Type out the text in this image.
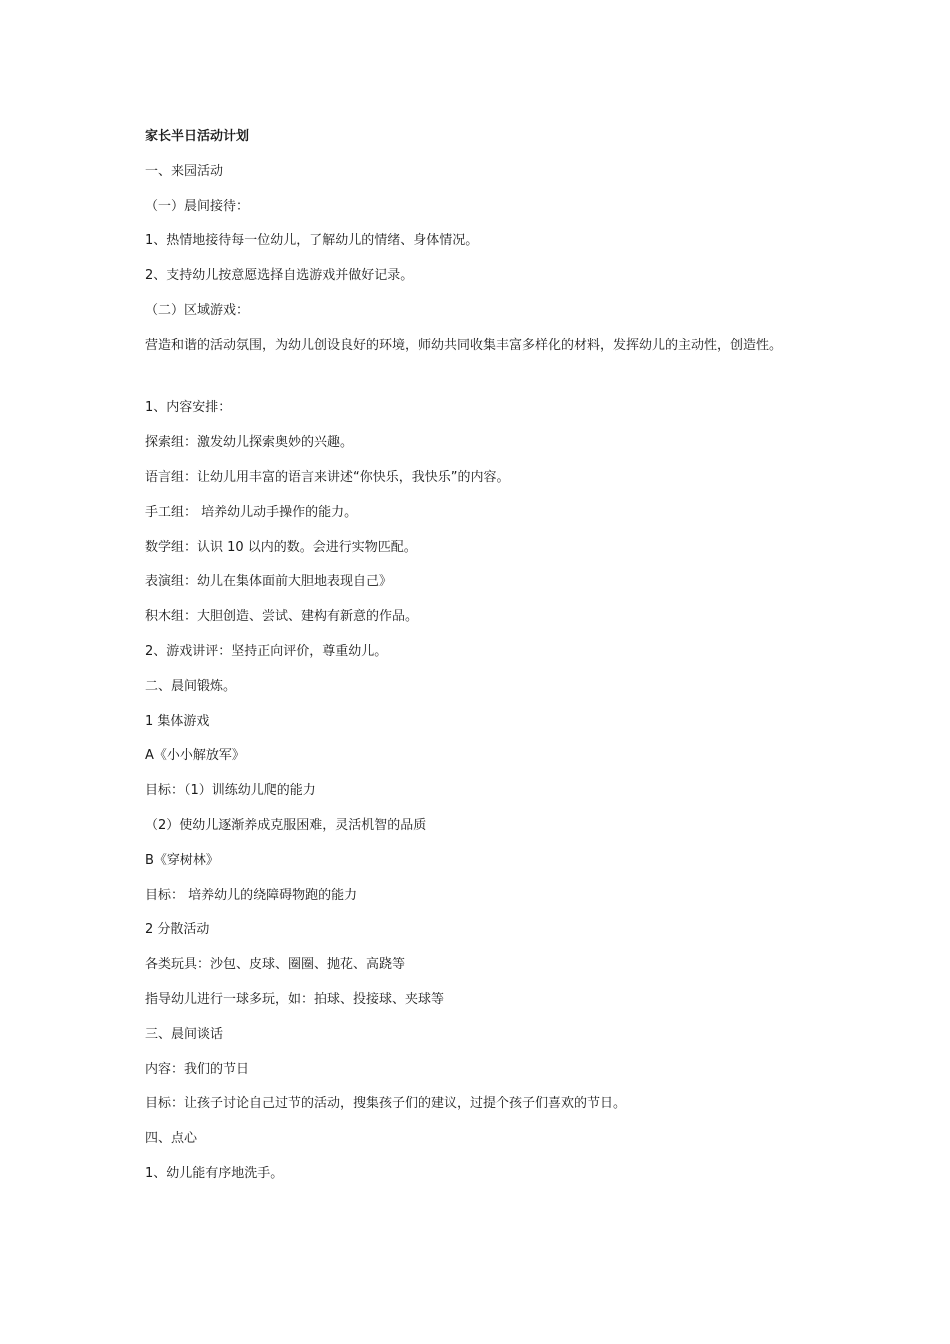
家长半日活动计划
一、来园活动
（一）晨间接待：
1、热情地接待每一位幼儿，了解幼儿的情绪、身体情况。
2、支持幼儿按意愿选择自选游戏并做好记录。
（二）区域游戏：
营造和谐的活动氛围，为幼儿创设良好的环境，师幼共同收集丰富多样化的材料，发挥幼儿的主动性，创造性。
1、内容安排：
探索组：激发幼儿探索奥妙的兴趣。
语言组：让幼儿用丰富的语言来讲述“你快乐，我快乐”的内容。
手工组： 培养幼儿动手操作的能力。
数学组：认识 10 以内的数。会进行实物匹配。
表演组：幼儿在集体面前大胆地表现自己》
积木组：大胆创造、尝试、建构有新意的作品。
2、游戏讲评：坚持正向评价，尊重幼儿。
二、晨间锻炼。
1 集体游戏
A《小小解放军》
目标：（1）训练幼儿爬的能力
（2）使幼儿逐渐养成克服困难，灵活机智的品质
B《穿树林》
目标： 培养幼儿的绕障碍物跑的能力
2 分散活动
各类玩具：沙包、皮球、圈圈、抛花、高跷等
指导幼儿进行一球多玩，如：拍球、投接球、夹球等
三、晨间谈话
内容：我们的节日
目标：让孩子讨论自己过节的活动，搜集孩子们的建议，过提个孩子们喜欢的节日。
四、点心
1、幼儿能有序地洗手。
